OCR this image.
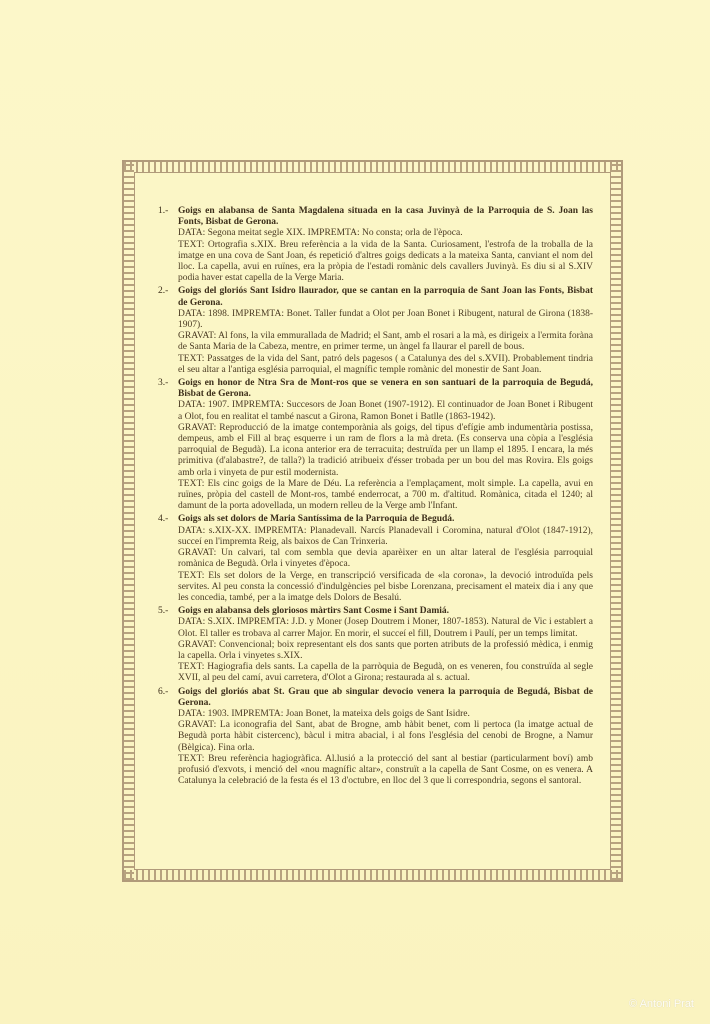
1.-	Goigs en alabansa de Santa Magdalena situada en la casa Juvinyà de la Parroquia de S. Joan las Fonts, Bisbat de Gerona.

DATA: Segona meitat segle XIX. IMPREMTA: No consta; orla de l'època.

TEXT: Ortografia s.XIX. Breu referència a la vida de la Santa. Curiosament, l'estrofa de la troballa de la imatge en una cova de Sant Joan, és repetició d'altres goigs dedicats a la mateixa Santa, canviant el nom del lloc. La capella, avui en ruïnes, era la pròpia de l'estadi romànic dels cavallers Juvinyà. Es diu si al S.XIV podia haver estat capella de la Verge Maria.

2.-	Goigs del gloriós Sant Isidro llaurador, que se cantan en la parroquia de Sant Joan las Fonts, Bisbat de Gerona.

DATA: 1898. IMPREMTA: Bonet. Taller fundat a Olot per Joan Bonet i Ribugent, natural de Girona (1838-1907).

GRAVAT: Al fons, la vila emmurallada de Madrid; el Sant, amb el rosari a la mà, es dirigeix a l'ermita foràna de Santa Maria de la Cabeza, mentre, en primer terme, un àngel fa llaurar el parell de bous.

TEXT: Passatges de la vida del Sant, patró dels pagesos ( a Catalunya des del s.XVII). Probablement tindria el seu altar a l'antiga església parroquial, el magnífic temple romànic del monestir de Sant Joan.

3.-	Goigs en honor de Ntra Sra de Mont-ros que se venera en son santuari de la parroquia de Begudá, Bisbat de Gerona.

DATA: 1907. IMPREMTA: Succesors de Joan Bonet (1907-1912). El continuador de Joan Bonet i Ribugent a Olot, fou en realitat el també nascut a Girona, Ramon Bonet i Batlle (1863-1942).

GRAVAT: Reproducció de la imatge contemporània als goigs, del tipus d'efígie amb indumentària postissa, dempeus, amb el Fill al braç esquerre i un ram de flors a la mà dreta. (Es conserva una còpia a l'església parroquial de Begudà). La icona anterior era de terracuita; destruïda per un llamp el 1895. I encara, la més primitiva (d'alabastre?, de talla?) la tradició atribueix d'ésser trobada per un bou del mas Rovira. Els goigs amb orla i vinyeta de pur estil modernista.

TEXT: Els cinc goigs de la Mare de Déu. La referència a l'emplaçament, molt simple. La capella, avui en ruïnes, pròpia del castell de Mont-ros, també enderrocat, a 700 m. d'altitud. Romànica, citada el 1240; al damunt de la porta adovellada, un modern relleu de la Verge amb l'Infant.

4.-	Goigs als set dolors de Maria Santíssima de la Parroquia de Begudá.

DATA: s.XIX-XX. IMPREMTA: Planadevall. Narcís Planadevall i Coromina, natural d'Olot (1847-1912), succeí en l'impremta Reig, als baixos de Can Trinxeria.

GRAVAT: Un calvari, tal com sembla que devia aparèixer en un altar lateral de l'església parroquial romànica de Begudà. Orla i vinyetes d'època.

TEXT: Els set dolors de la Verge, en transcripció versificada de «la corona», la devoció introduïda pels servites. Al peu consta la concessió d'indulgències pel bisbe Lorenzana, precisament el mateix dia i any que les concedia, també, per a la imatge dels Dolors de Besalú.

5.-	Goigs en alabansa dels gloriosos màrtirs Sant Cosme i Sant Damiá.

DATA: S.XIX. IMPREMTA: J.D. y Moner (Josep Doutrem i Moner, 1807-1853). Natural de Vic i establert a Olot. El taller es trobava al carrer Major. En morir, el succeí el fill, Doutrem i Paulí, per un temps limitat.

GRAVAT: Convencional; boix representant els dos sants que porten atributs de la professió mèdica, i enmig la capella. Orla i vinyetes s.XIX.

TEXT: Hagiografia dels sants. La capella de la parròquia de Begudà, on es veneren, fou construïda al segle XVII, al peu del camí, avui carretera, d'Olot a Girona; restaurada al s. actual.

6.-	Goigs del gloriós abat St. Grau que ab singular devocio venera la parroquia de Begudá, Bisbat de Gerona.

DATA: 1903. IMPREMTA: Joan Bonet, la mateixa dels goigs de Sant Isidre.

GRAVAT: La iconografia del Sant, abat de Brogne, amb hàbit benet, com li pertoca (la imatge actual de Begudà porta hàbit cistercenc), bàcul i mitra abacial, i al fons l'església del cenobi de Brogne, a Namur (Bèlgica). Fina orla.

TEXT: Breu referència hagiogràfica. Al.lusió a la protecció del sant al bestiar (particularment boví) amb profusió d'exvots, i menció del «nou magnífic altar», construït a la capella de Sant Cosme, on es venera. A Catalunya la celebració de la festa és el 13 d'octubre, en lloc del 3 que li correspondria, segons el santoral.

© Antoni Prat
